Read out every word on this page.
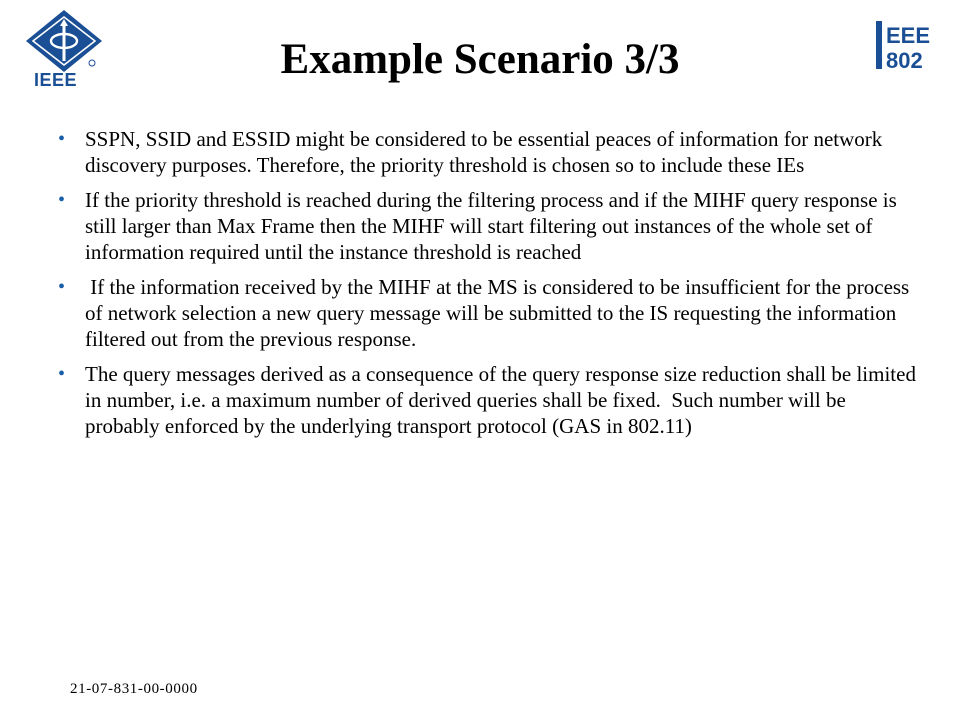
IEEE
EEE
802
Example Scenario 3/3
• SSPN, SSID and ESSID might be considered to be essential peaces of information for network discovery purposes. Therefore, the priority threshold is chosen so to include these IEs
• If the priority threshold is reached during the filtering process and if the MIHF query response is still larger than Max Frame then the MIHF will start filtering out instances of the whole set of information required until the instance threshold is reached
• If the information received by the MIHF at the MS is considered to be insufficient for the process of network selection a new query message will be submitted to the IS requesting the information filtered out from the previous response.
• The query messages derived as a consequence of the query response size reduction shall be limited in number, i.e. a maximum number of derived queries shall be fixed.  Such number will be probably enforced by the underlying transport protocol (GAS in 802.11)
21-07-831-00-0000
